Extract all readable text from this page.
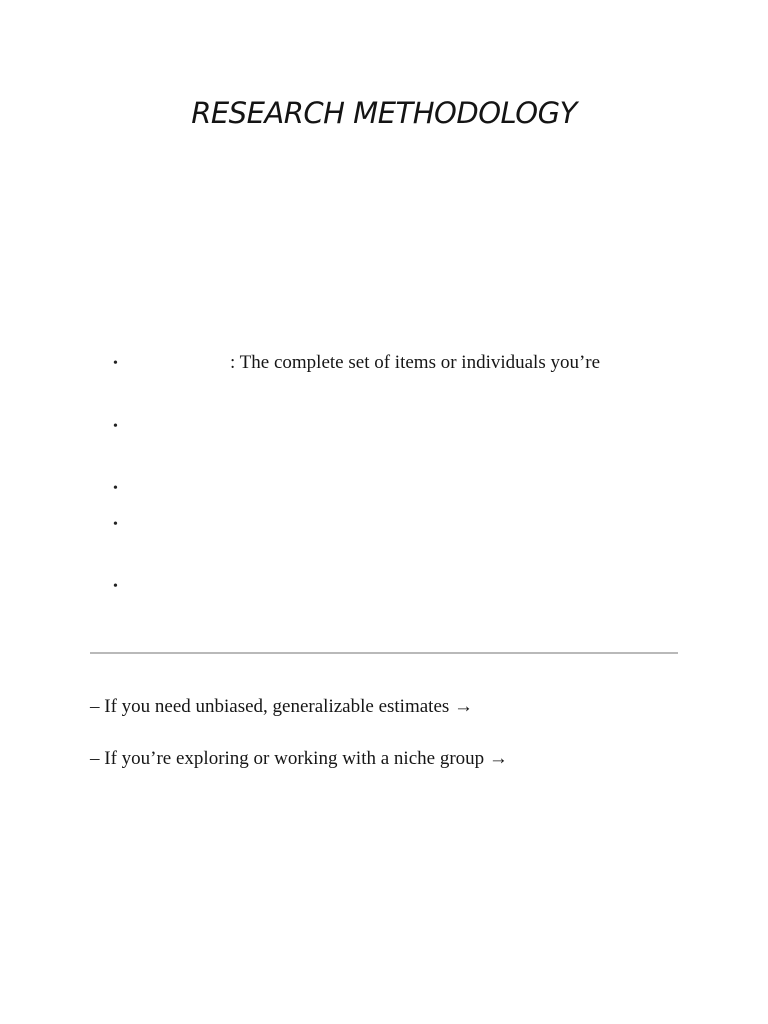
RESEARCH METHODOLOGY
•	: The complete set of items or individuals you’re
•
•
•
•
– If you need unbiased, generalizable estimates →
– If you’re exploring or working with a niche group →
